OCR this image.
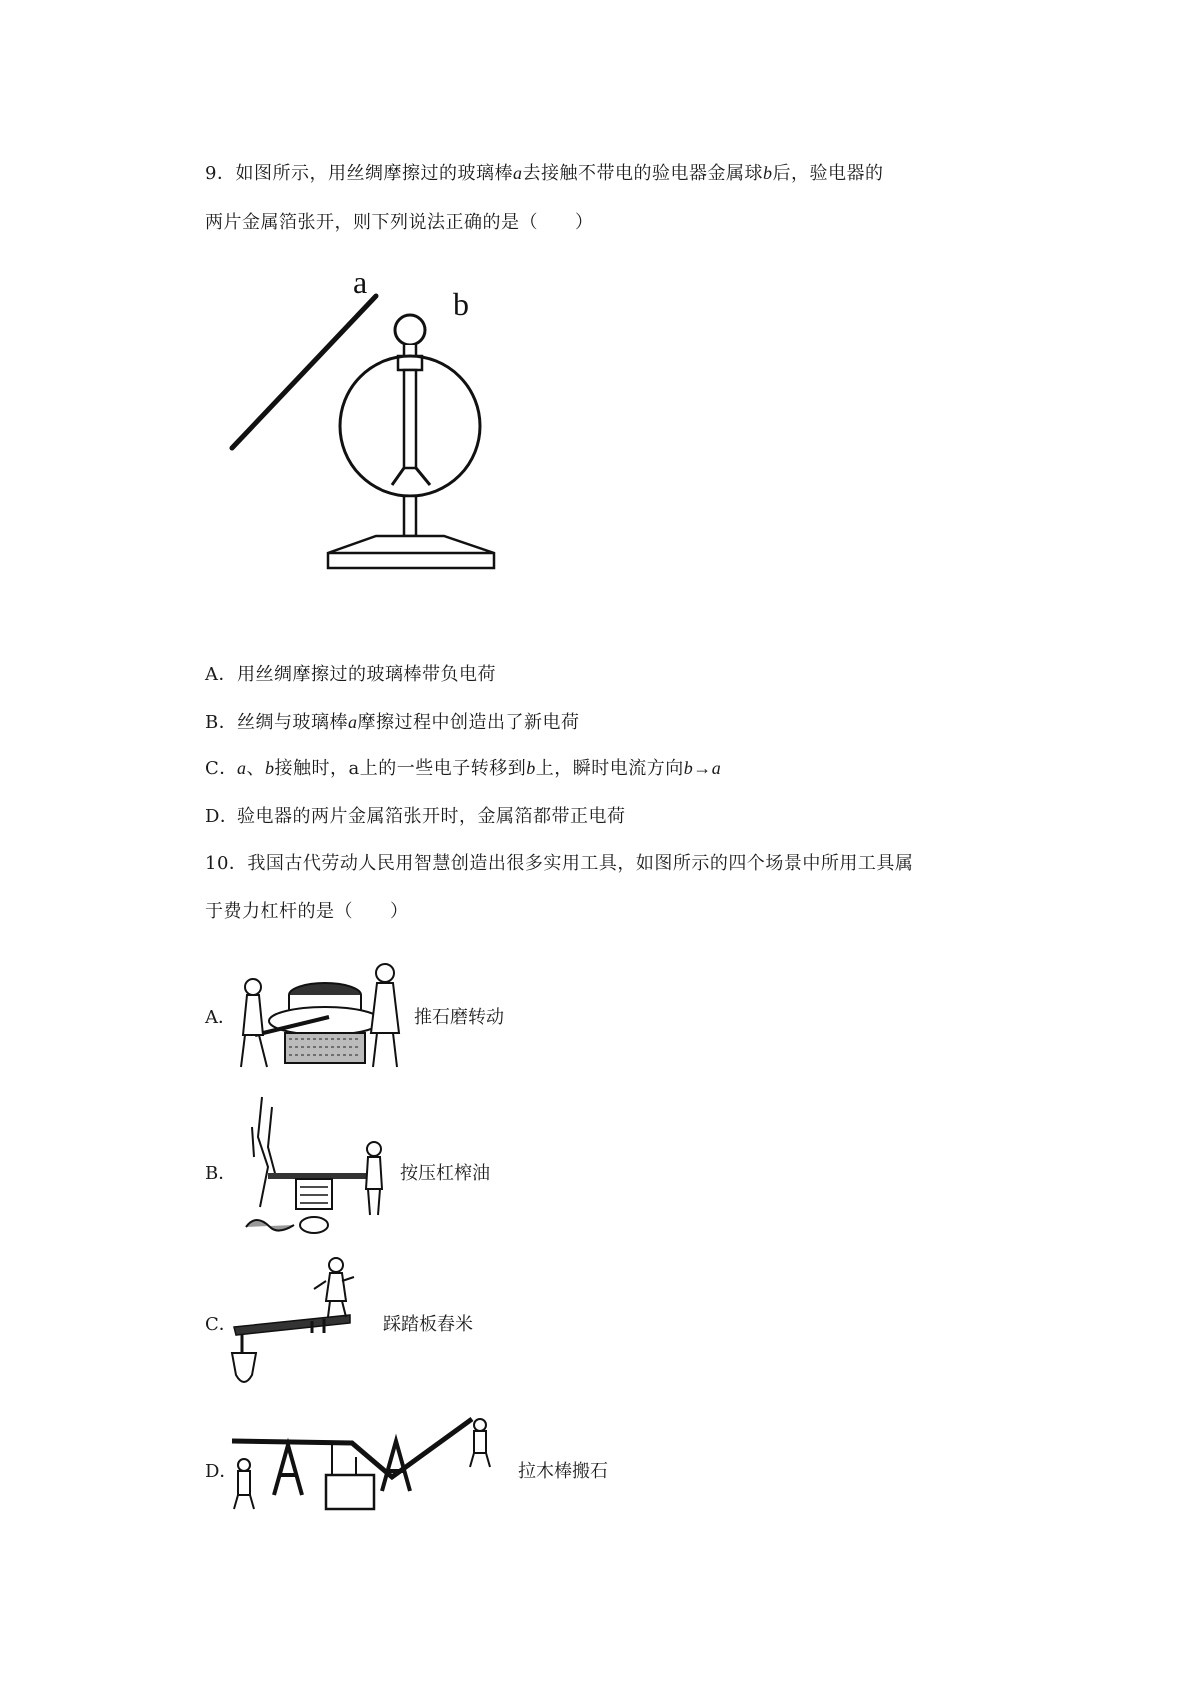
9．如图所示，用丝绸摩擦过的玻璃棒a去接触不带电的验电器金属球b后，验电器的
两片金属箔张开，则下列说法正确的是（　　）
a
b
A．用丝绸摩擦过的玻璃棒带负电荷
B．丝绸与玻璃棒a摩擦过程中创造出了新电荷
C．a、b接触时，a上的一些电子转移到b上，瞬时电流方向b→a
D．验电器的两片金属箔张开时，金属箔都带正电荷
10．我国古代劳动人民用智慧创造出很多实用工具，如图所示的四个场景中所用工具属
于费力杠杆的是（　　）
A．	推石磨转动
B．	按压杠榨油
C．	踩踏板舂米
D．	拉木棒搬石
